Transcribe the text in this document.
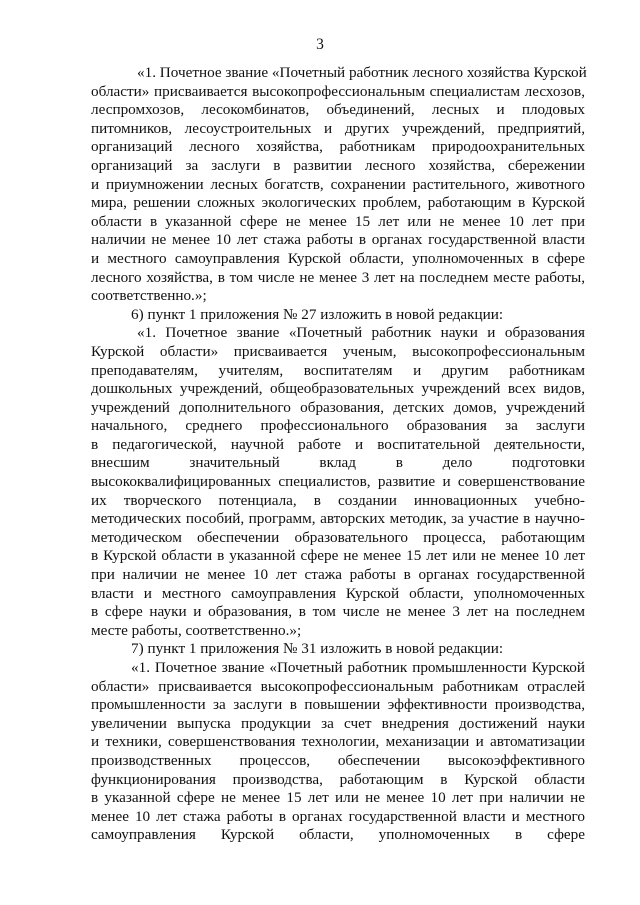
3
«1. Почетное звание «Почетный работник лесного хозяйства Курской
области» присваивается высокопрофессиональным специалистам лесхозов,
леспромхозов, лесокомбинатов, объединений, лесных и плодовых
питомников, лесоустроительных и других учреждений, предприятий,
организаций лесного хозяйства, работникам природоохранительных
организаций за заслуги в развитии лесного хозяйства, сбережении
и приумножении лесных богатств, сохранении растительного, животного
мира, решении сложных экологических проблем, работающим в Курской
области в указанной сфере не менее 15 лет или не менее 10 лет при
наличии не менее 10 лет стажа работы в органах государственной власти
и местного самоуправления Курской области, уполномоченных в сфере
лесного хозяйства, в том числе не менее 3 лет на последнем месте работы,
соответственно.»;
6) пункт 1 приложения № 27 изложить в новой редакции:
«1. Почетное звание «Почетный работник науки и образования
Курской области» присваивается ученым, высокопрофессиональным
преподавателям, учителям, воспитателям и другим работникам
дошкольных учреждений, общеобразовательных учреждений всех видов,
учреждений дополнительного образования, детских домов, учреждений
начального, среднего профессионального образования за заслуги
в педагогической, научной работе и воспитательной деятельности,
внесшим значительный вклад в дело подготовки
высококвалифицированных специалистов, развитие и совершенствование
их творческого потенциала, в создании инновационных учебно-
методических пособий, программ, авторских методик, за участие в научно-
методическом обеспечении образовательного процесса, работающим
в Курской области в указанной сфере не менее 15 лет или не менее 10 лет
при наличии не менее 10 лет стажа работы в органах государственной
власти и местного самоуправления Курской области, уполномоченных
в сфере науки и образования, в том числе не менее 3 лет на последнем
месте работы, соответственно.»;
7) пункт 1 приложения № 31 изложить в новой редакции:
«1. Почетное звание «Почетный работник промышленности Курской
области» присваивается высокопрофессиональным работникам отраслей
промышленности за заслуги в повышении эффективности производства,
увеличении выпуска продукции за счет внедрения достижений науки
и техники, совершенствования технологии, механизации и автоматизации
производственных процессов, обеспечении высокоэффективного
функционирования производства, работающим в Курской области
в указанной сфере не менее 15 лет или не менее 10 лет при наличии не
менее 10 лет стажа работы в органах государственной власти и местного
самоуправления Курской области, уполномоченных в сфере
